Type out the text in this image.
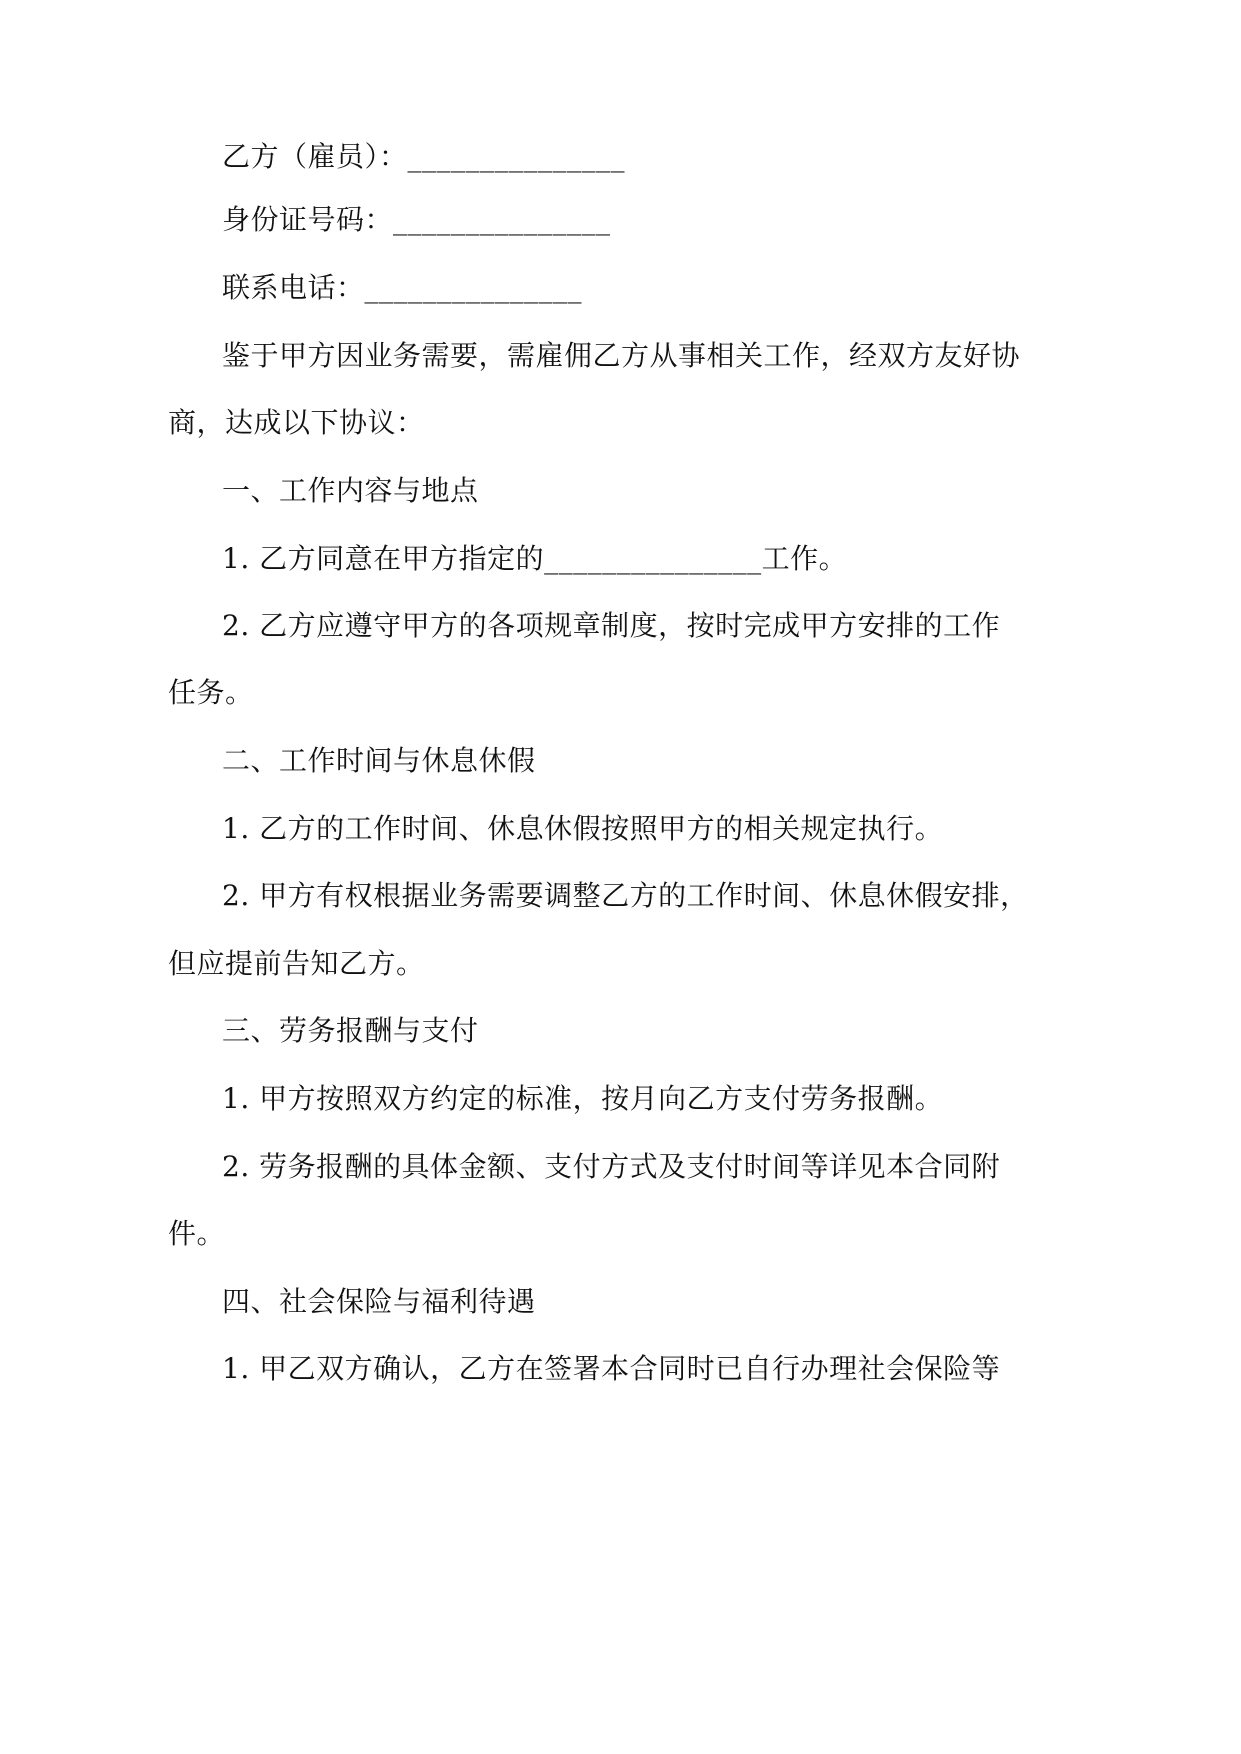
乙方（雇员）：_______________
身份证号码：_______________
联系电话：_______________
鉴于甲方因业务需要，需雇佣乙方从事相关工作，经双方友好协
商，达成以下协议：
一、工作内容与地点
1. 乙方同意在甲方指定的_______________工作。
2. 乙方应遵守甲方的各项规章制度，按时完成甲方安排的工作
任务。
二、工作时间与休息休假
1. 乙方的工作时间、休息休假按照甲方的相关规定执行。
2. 甲方有权根据业务需要调整乙方的工作时间、休息休假安排，
但应提前告知乙方。
三、劳务报酬与支付
1. 甲方按照双方约定的标准，按月向乙方支付劳务报酬。
2. 劳务报酬的具体金额、支付方式及支付时间等详见本合同附
件。
四、社会保险与福利待遇
1. 甲乙双方确认，乙方在签署本合同时已自行办理社会保险等
